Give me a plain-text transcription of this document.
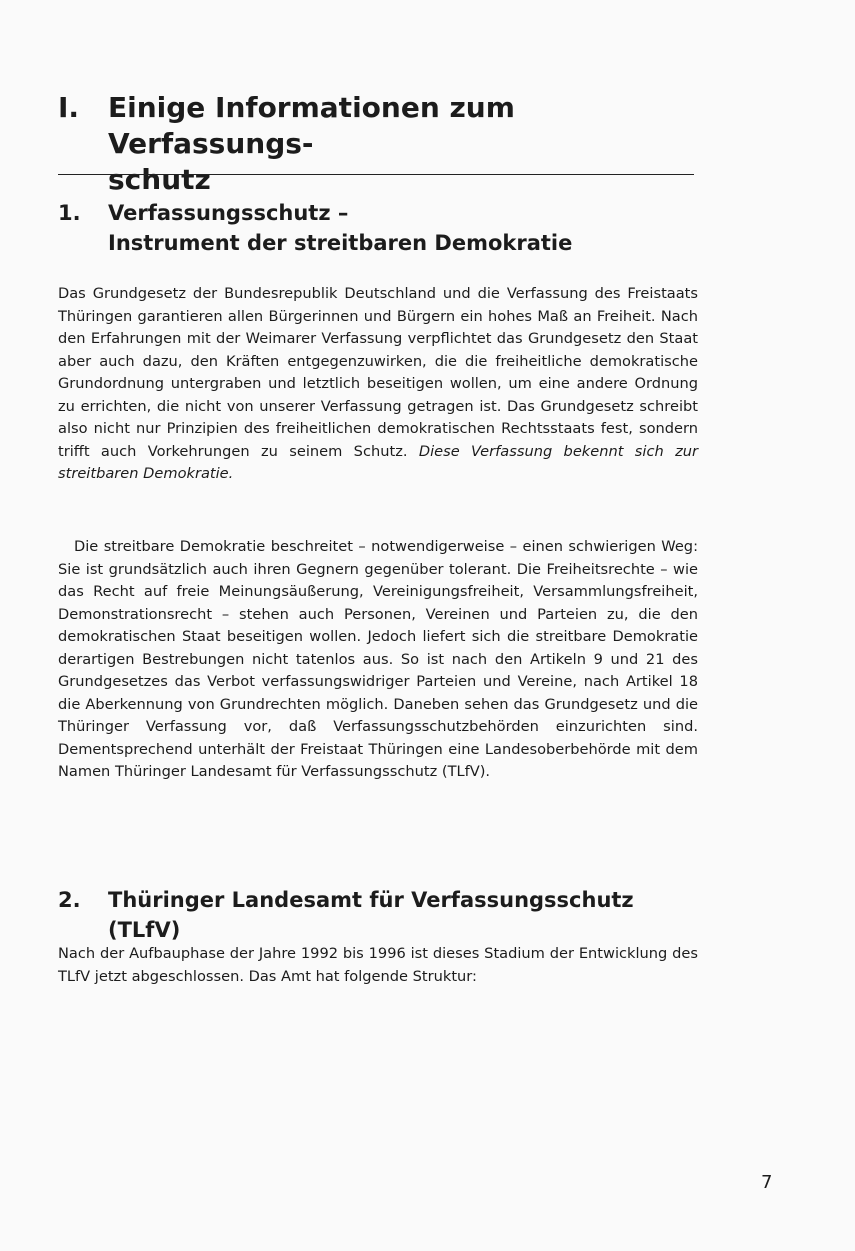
I.	Einige Informationen zum Verfassungs-
schutz
1.	Verfassungsschutz –
Instrument der streitbaren Demokratie

Das Grundgesetz der Bundesrepublik Deutschland und die Verfassung des Freistaats Thüringen garantieren allen Bürgerinnen und Bürgern ein hohes Maß an Freiheit. Nach den Erfahrungen mit der Weimarer Verfassung verpflichtet das Grundgesetz den Staat aber auch dazu, den Kräften entgegenzuwirken, die die freiheitliche demokratische Grundordnung untergraben und letztlich beseitigen wollen, um eine andere Ordnung zu errichten, die nicht von unserer Verfassung getragen ist. Das Grundgesetz schreibt also nicht nur Prinzipien des freiheitlichen demokratischen Rechtsstaats fest, sondern trifft auch Vorkehrungen zu seinem Schutz. Diese Verfassung bekennt sich zur streitbaren Demokratie.

Die streitbare Demokratie beschreitet – notwendigerweise – einen schwierigen Weg: Sie ist grundsätzlich auch ihren Gegnern gegenüber tolerant. Die Freiheitsrechte – wie das Recht auf freie Meinungsäußerung, Vereinigungsfreiheit, Versammlungsfreiheit, Demonstrationsrecht – stehen auch Personen, Vereinen und Parteien zu, die den demokratischen Staat beseitigen wollen. Jedoch liefert sich die streitbare Demokratie derartigen Bestrebungen nicht tatenlos aus. So ist nach den Artikeln 9 und 21 des Grundgesetzes das Verbot verfassungswidriger Parteien und Vereine, nach Artikel 18 die Aberkennung von Grundrechten möglich. Daneben sehen das Grundgesetz und die Thüringer Verfassung vor, daß Verfassungsschutzbehörden einzurichten sind. Dementsprechend unterhält der Freistaat Thüringen eine Landesoberbehörde mit dem Namen Thüringer Landesamt für Verfassungsschutz (TLfV).

2.	Thüringer Landesamt für Verfassungsschutz (TLfV)

Nach der Aufbauphase der Jahre 1992 bis 1996 ist dieses Stadium der Entwicklung des TLfV jetzt abgeschlossen. Das Amt hat folgende Struktur:

7
